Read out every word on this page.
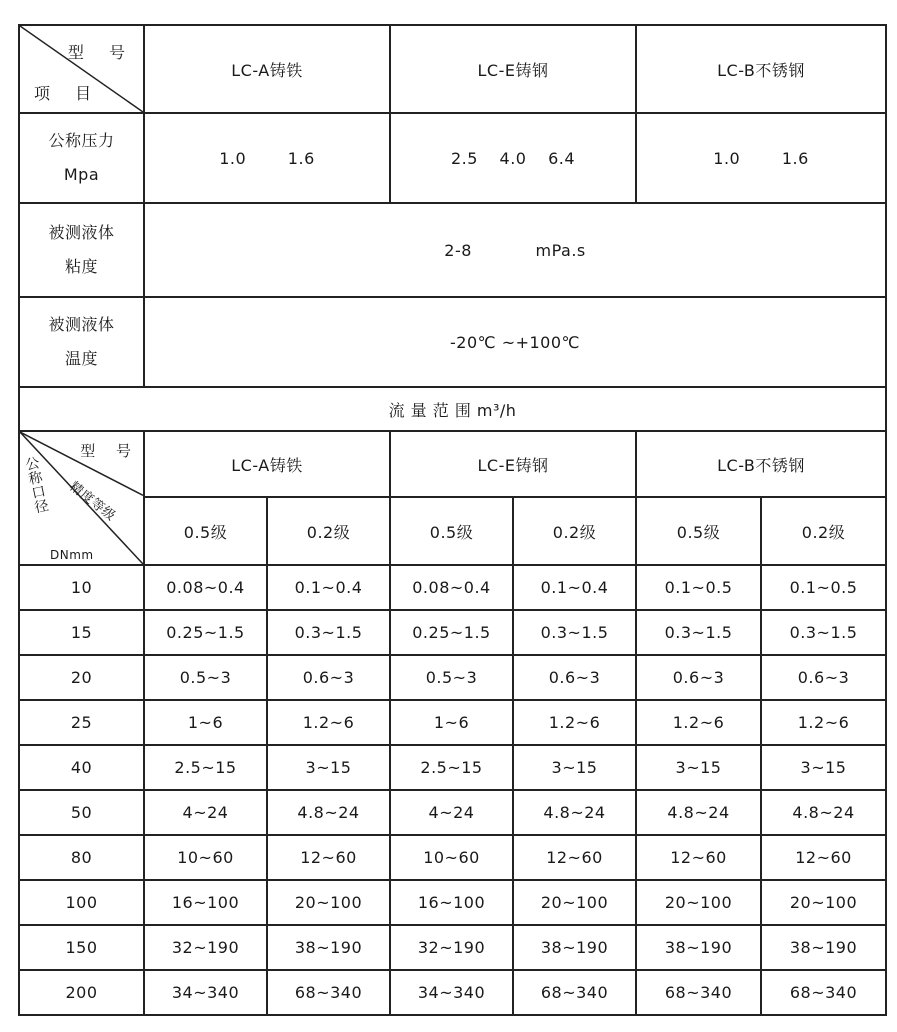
型 号
项 目	LC-A铸铁		LC-E铸钢		LC-B不锈钢	

公称压力
Mpa	1.0 1.6		2.5 4.0 6.4		1.0 1.6	

被测液体
粘度	2-8 mPa.s					

被测液体
温度	-20℃ ~+100℃					
流 量 范 围 m³/h						

型 号
精度等级
公称口径
DNmm	LC-A铸铁		LC-E铸钢		LC-B不锈钢	
	0.5级	0.2级	0.5级	0.2级	0.5级	0.2级
10	0.08~0.4	0.1~0.4	0.08~0.4	0.1~0.4	0.1~0.5	0.1~0.5
15	0.25~1.5	0.3~1.5	0.25~1.5	0.3~1.5	0.3~1.5	0.3~1.5
20	0.5~3	0.6~3	0.5~3	0.6~3	0.6~3	0.6~3
25	1~6	1.2~6	1~6	1.2~6	1.2~6	1.2~6
40	2.5~15	3~15	2.5~15	3~15	3~15	3~15
50	4~24	4.8~24	4~24	4.8~24	4.8~24	4.8~24
80	10~60	12~60	10~60	12~60	12~60	12~60
100	16~100	20~100	16~100	20~100	20~100	20~100
150	32~190	38~190	32~190	38~190	38~190	38~190
200	34~340	68~340	34~340	68~340	68~340	68~340
